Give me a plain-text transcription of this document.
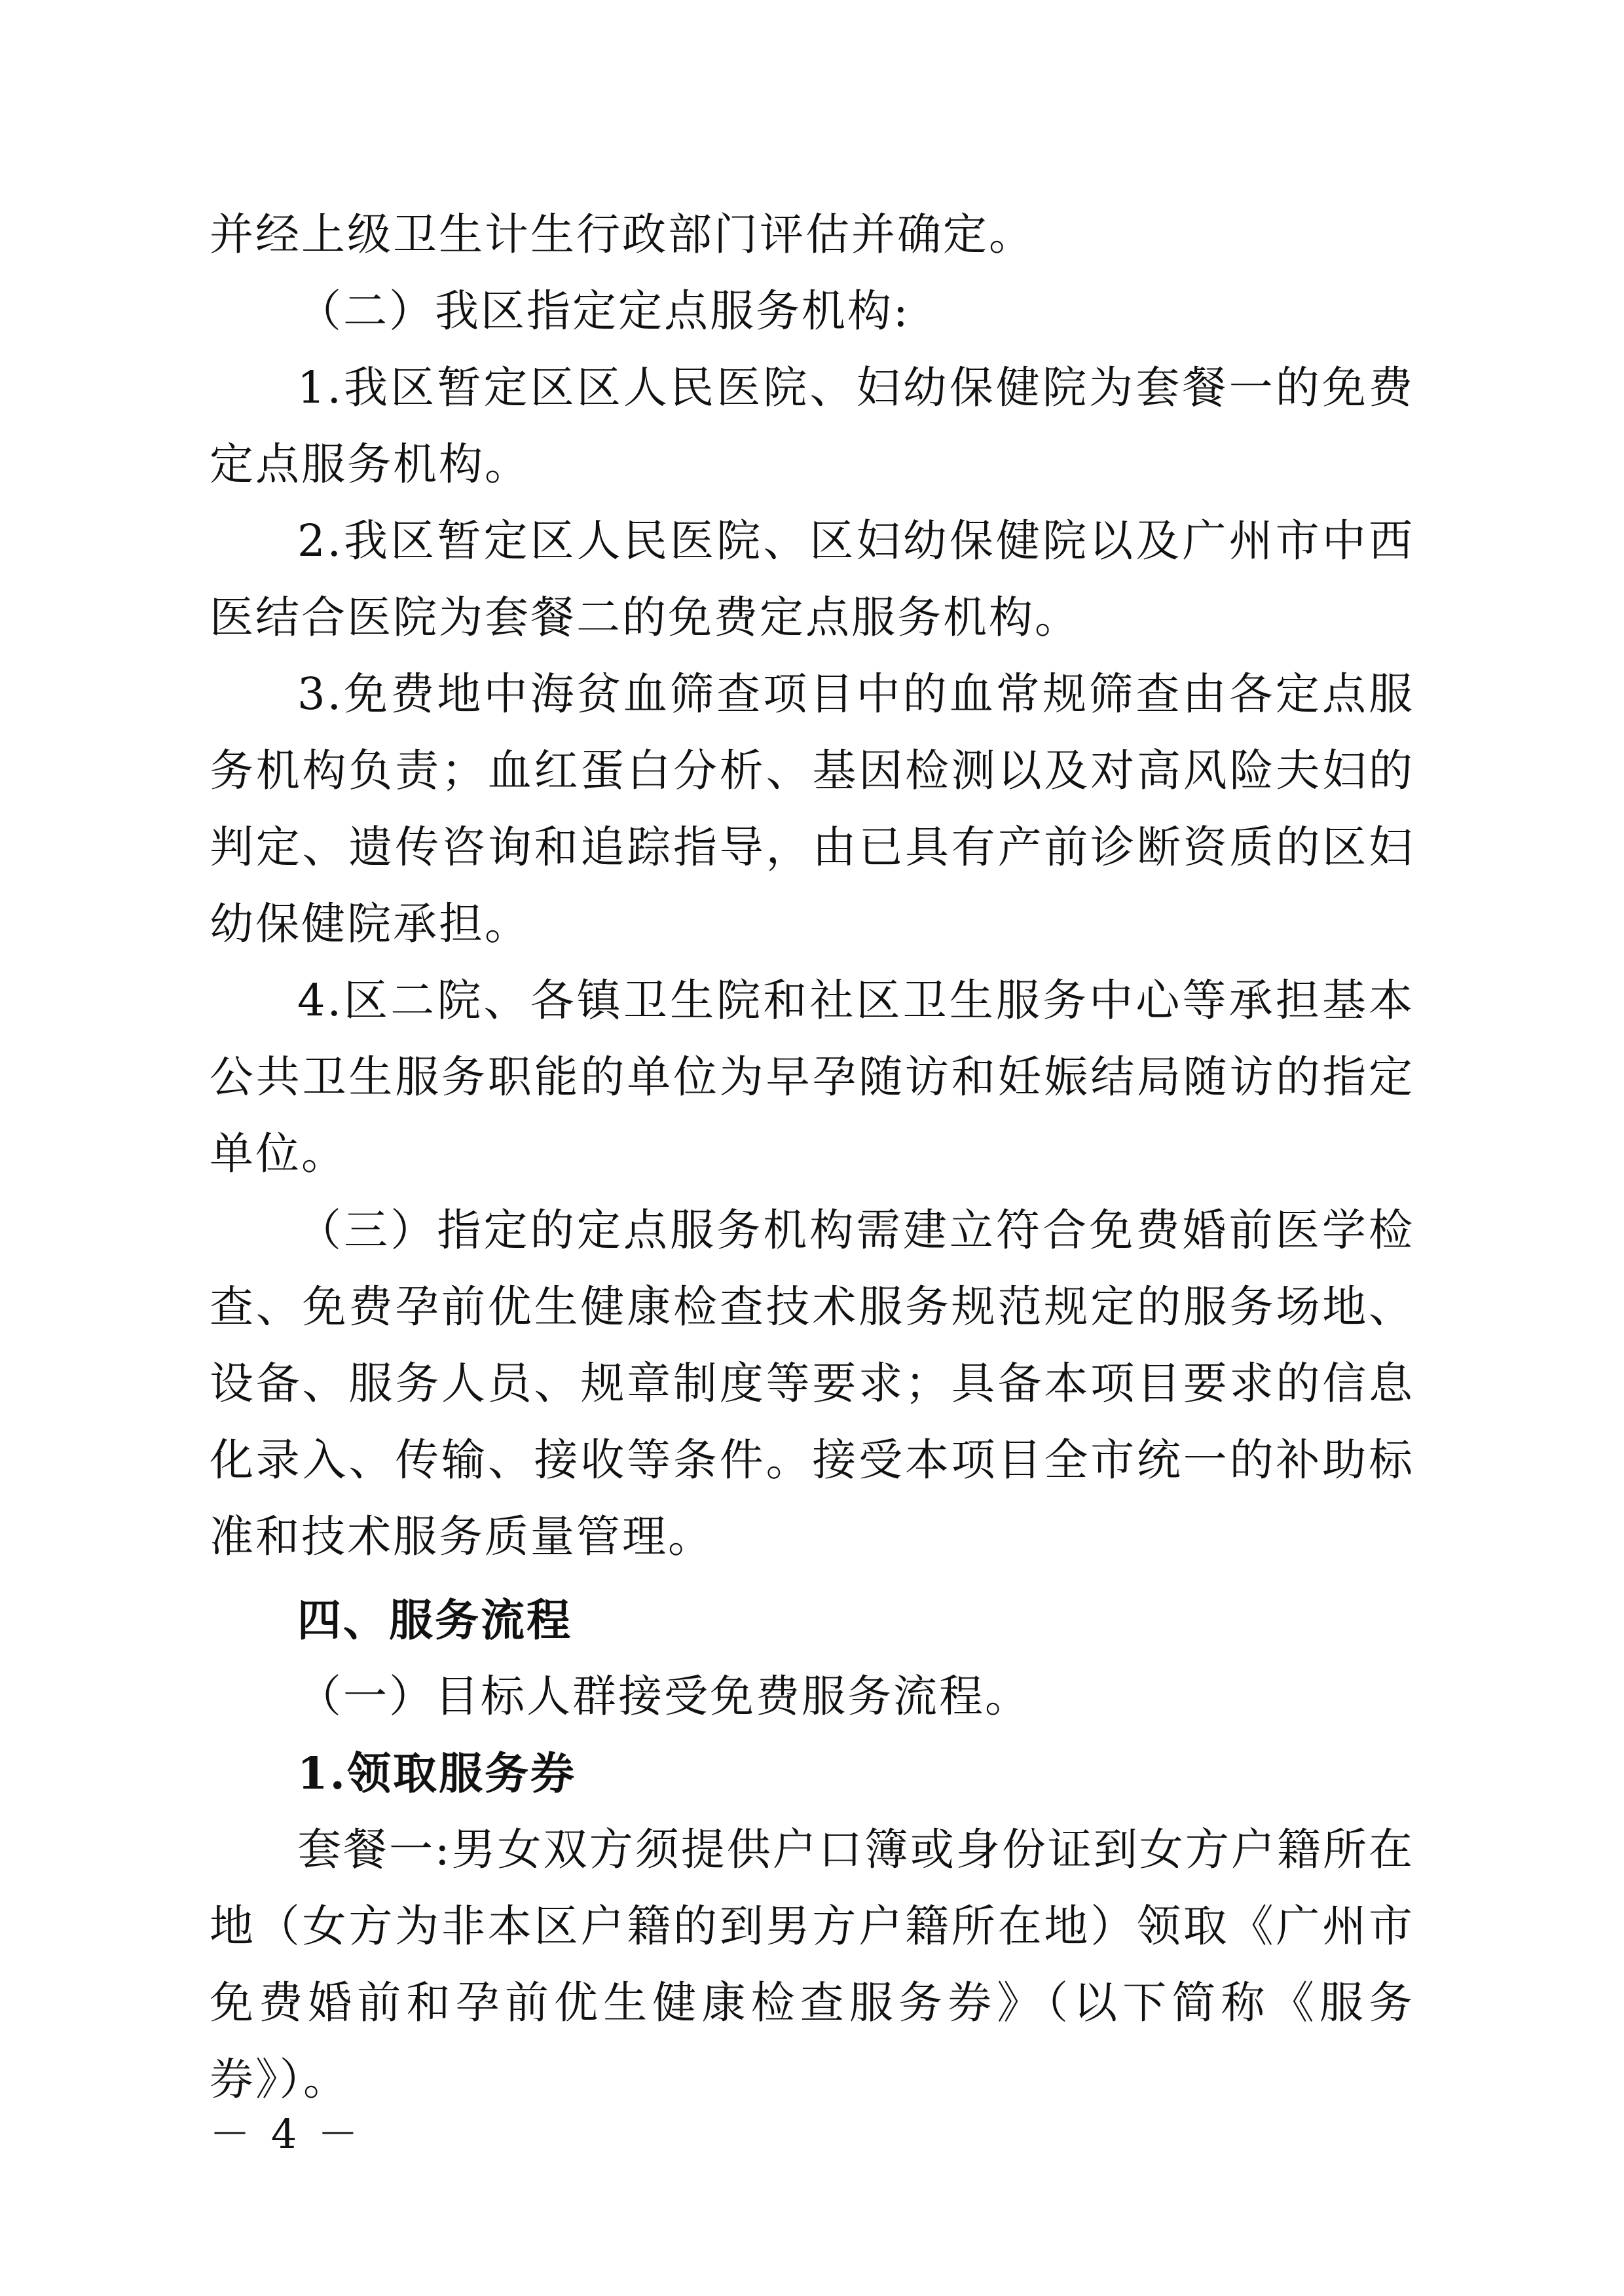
并经上级卫生计生行政部门评估并确定。

（二）我区指定定点服务机构:

1.我区暂定区区人民医院、妇幼保健院为套餐一的免费定点服务机构。

2.我区暂定区人民医院、区妇幼保健院以及广州市中西医结合医院为套餐二的免费定点服务机构。

3.免费地中海贫血筛查项目中的血常规筛查由各定点服务机构负责；血红蛋白分析、基因检测以及对高风险夫妇的判定、遗传咨询和追踪指导，由已具有产前诊断资质的区妇幼保健院承担。

4.区二院、各镇卫生院和社区卫生服务中心等承担基本公共卫生服务职能的单位为早孕随访和妊娠结局随访的指定单位。

（三）指定的定点服务机构需建立符合免费婚前医学检查、免费孕前优生健康检查技术服务规范规定的服务场地、设备、服务人员、规章制度等要求；具备本项目要求的信息化录入、传输、接收等条件。接受本项目全市统一的补助标准和技术服务质量管理。

四、服务流程

（一）目标人群接受免费服务流程。

1.领取服务券

套餐一:男女双方须提供户口簿或身份证到女方户籍所在地（女方为非本区户籍的到男方户籍所在地）领取《广州市免费婚前和孕前优生健康检查服务券》（以下简称《服务券》）。

－ 4 －
